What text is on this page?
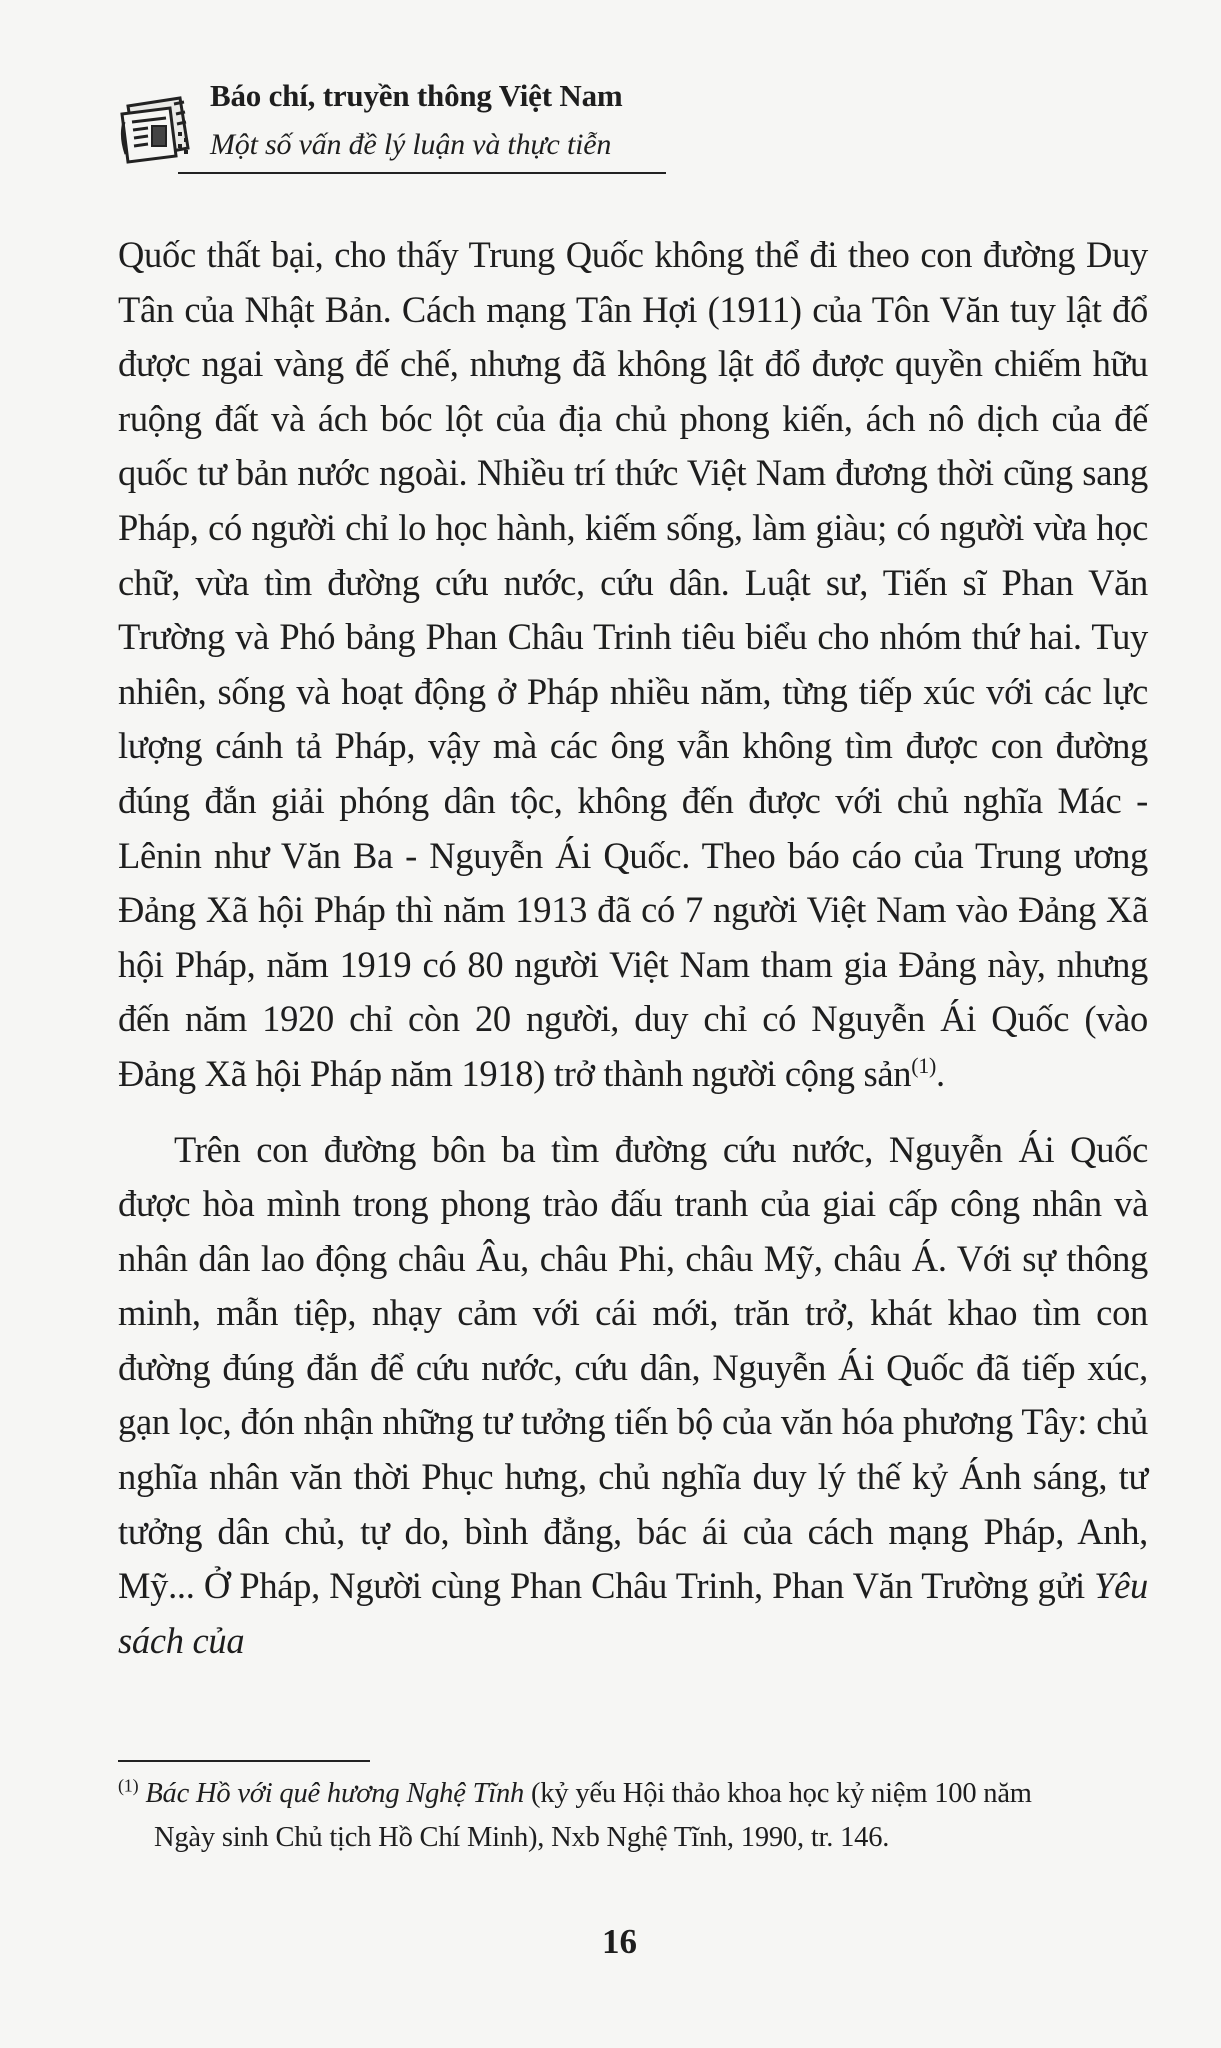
Báo chí, truyền thông Việt Nam
Một số vấn đề lý luận và thực tiễn

Quốc thất bại, cho thấy Trung Quốc không thể đi theo con đường Duy Tân của Nhật Bản. Cách mạng Tân Hợi (1911) của Tôn Văn tuy lật đổ được ngai vàng đế chế, nhưng đã không lật đổ được quyền chiếm hữu ruộng đất và ách bóc lột của địa chủ phong kiến, ách nô dịch của đế quốc tư bản nước ngoài. Nhiều trí thức Việt Nam đương thời cũng sang Pháp, có người chỉ lo học hành, kiếm sống, làm giàu; có người vừa học chữ, vừa tìm đường cứu nước, cứu dân. Luật sư, Tiến sĩ Phan Văn Trường và Phó bảng Phan Châu Trinh tiêu biểu cho nhóm thứ hai. Tuy nhiên, sống và hoạt động ở Pháp nhiều năm, từng tiếp xúc với các lực lượng cánh tả Pháp, vậy mà các ông vẫn không tìm được con đường đúng đắn giải phóng dân tộc, không đến được với chủ nghĩa Mác - Lênin như Văn Ba - Nguyễn Ái Quốc. Theo báo cáo của Trung ương Đảng Xã hội Pháp thì năm 1913 đã có 7 người Việt Nam vào Đảng Xã hội Pháp, năm 1919 có 80 người Việt Nam tham gia Đảng này, nhưng đến năm 1920 chỉ còn 20 người, duy chỉ có Nguyễn Ái Quốc (vào Đảng Xã hội Pháp năm 1918) trở thành người cộng sản$^{(1)}$.

Trên con đường bôn ba tìm đường cứu nước, Nguyễn Ái Quốc được hòa mình trong phong trào đấu tranh của giai cấp công nhân và nhân dân lao động châu Âu, châu Phi, châu Mỹ, châu Á. Với sự thông minh, mẫn tiệp, nhạy cảm với cái mới, trăn trở, khát khao tìm con đường đúng đắn để cứu nước, cứu dân, Nguyễn Ái Quốc đã tiếp xúc, gạn lọc, đón nhận những tư tưởng tiến bộ của văn hóa phương Tây: chủ nghĩa nhân văn thời Phục hưng, chủ nghĩa duy lý thế kỷ Ánh sáng, tư tưởng dân chủ, tự do, bình đẳng, bác ái của cách mạng Pháp, Anh, Mỹ... Ở Pháp, Người cùng Phan Châu Trinh, Phan Văn Trường gửi Yêu sách của

$^{(1)}$ Bác Hồ với quê hương Nghệ Tĩnh (kỷ yếu Hội thảo khoa học kỷ niệm 100 năm
Ngày sinh Chủ tịch Hồ Chí Minh), Nxb Nghệ Tĩnh, 1990, tr. 146.
16
